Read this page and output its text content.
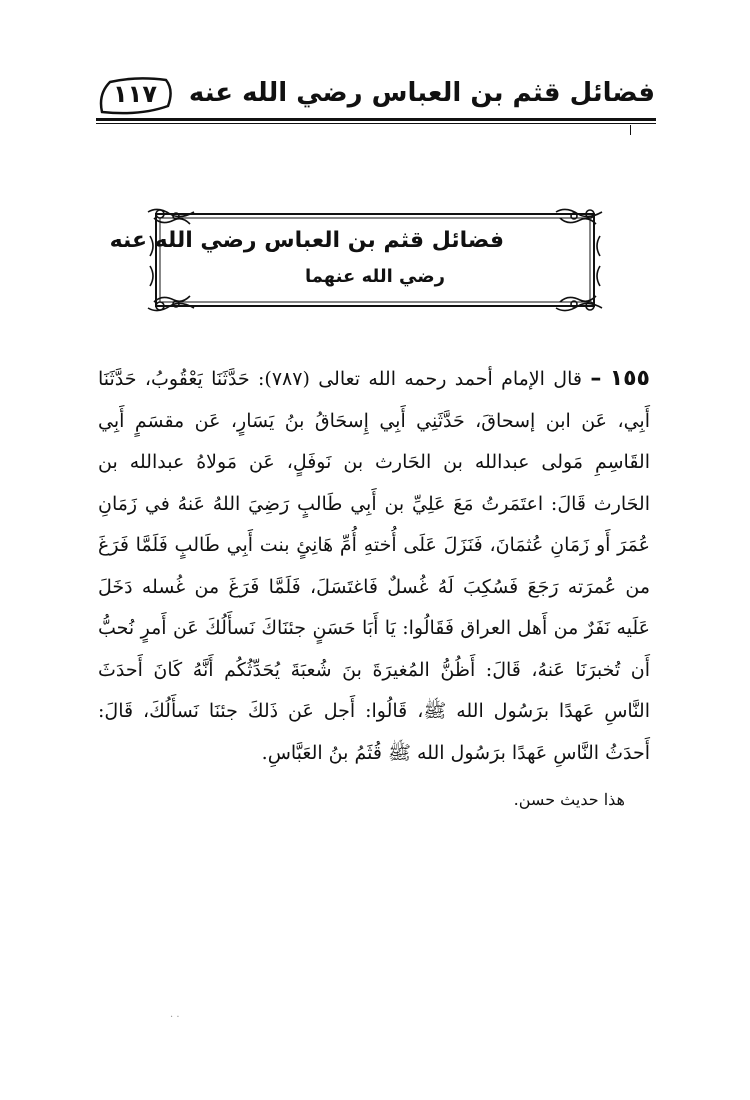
فضائل قثم بن العباس رضي الله عنه
١١٧
فضائل قثم بن العباس رضي الله عنه
رضي الله عنهما
١٥٥ – قال الإمام أحمد رحمه الله تعالى (٧٨٧): حَدَّثَنَا يَعْقُوبُ، حَدَّثَنَا أَبِي، عَن ابن إسحاقَ، حَدَّثَنِي أَبِي إِسحَاقُ بنُ يَسَارٍ، عَن مقسَمٍ أَبِي القَاسِمِ مَولى عبدالله بن الحَارث بن نَوفَلٍ، عَن مَولاهُ عبدالله بن الحَارث قَالَ: اعتَمَرتُ مَعَ عَلِيِّ بن أَبِي طَالبٍ رَضِيَ اللهُ عَنهُ في زَمَانِ عُمَرَ أَو زَمَانِ عُثمَانَ، فَنَزَلَ عَلَى أُختهِ أُمِّ هَانِئٍ بنت أَبِي طَالبٍ فَلَمَّا فَرَغَ من عُمرَته رَجَعَ فَسُكِبَ لَهُ غُسلٌ فَاغتَسَلَ، فَلَمَّا فَرَغَ من غُسله دَخَلَ عَلَيه نَفَرٌ من أَهل العراق فَقَالُوا: يَا أَبَا حَسَنٍ جئنَاكَ نَسأَلُكَ عَن أَمرٍ نُحبُّ أَن تُخبرَنَا عَنهُ، قَالَ: أَظُنُّ المُغيرَةَ بنَ شُعبَةَ يُحَدِّثُكُم أَنَّهُ كَانَ أَحدَثَ النَّاسِ عَهدًا برَسُول الله ﷺ، قَالُوا: أَجل عَن ذَلكَ جئنَا نَسأَلُكَ، قَالَ: أَحدَثُ النَّاسِ عَهدًا برَسُول الله ﷺ قُثَمُ بنُ العَبَّاسِ.
هذا حديث حسن.
· ·
